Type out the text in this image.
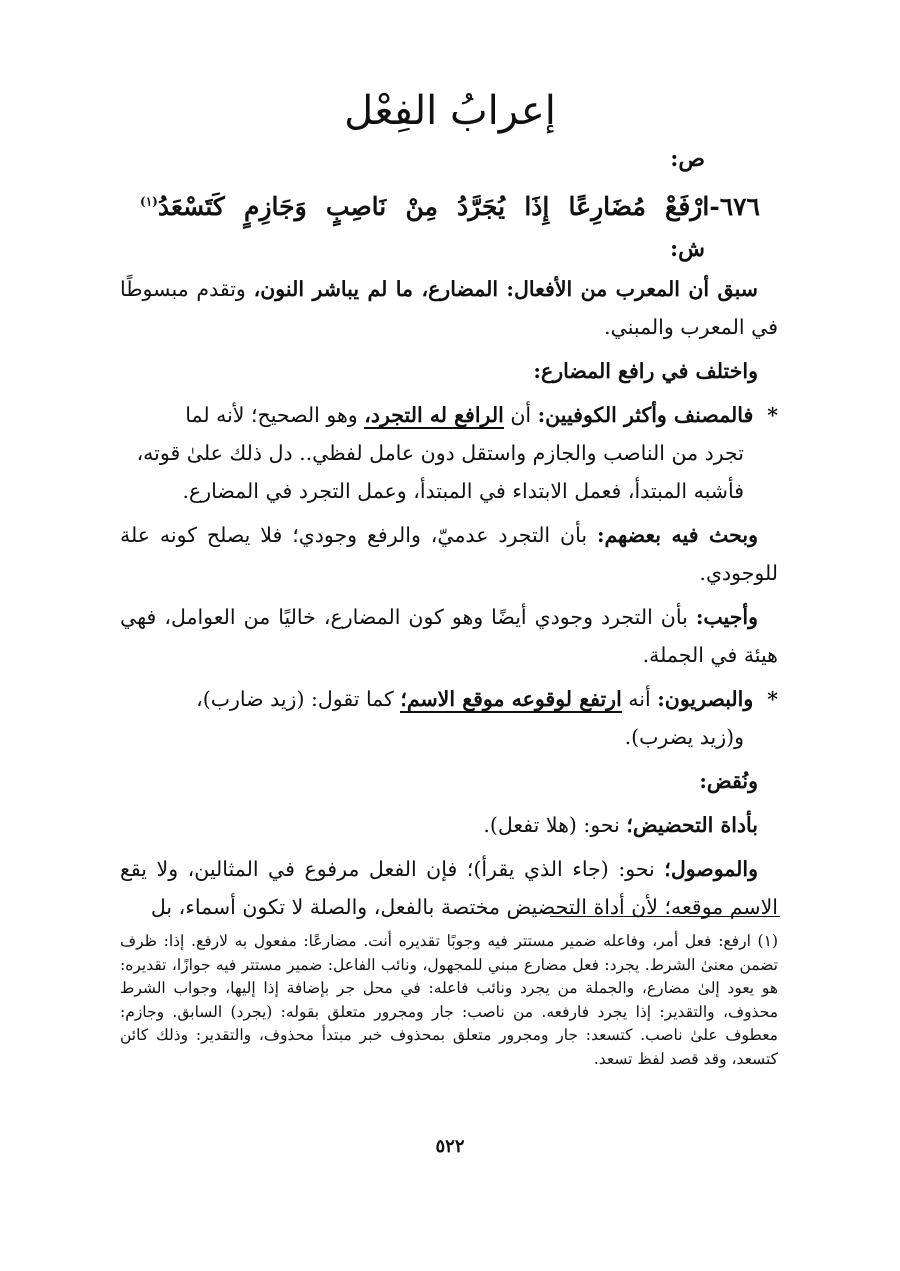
إعرابُ الفِعْل
ص:
٦٧٦-ارْفَعْ
مُضَارِعًا
إِذَا
يُجَرَّدُ
مِنْ
نَاصِبٍ
وَجَازِمٍ
كَتَسْعَدُ$^{(١)}$
ش:

سبق أن المعرب من الأفعال: المضارع، ما لم يباشر النون، وتقدم مبسوطًا في المعرب والمبني.

واختلف في رافع المضارع:

*فالمصنف وأكثر الكوفيين: أن الرافع له التجرد، وهو الصحيح؛ لأنه لما
تجرد من الناصب والجازم واستقل دون عامل لفظي.. دل ذلك علىٰ قوته،
فأشبه المبتدأ، فعمل الابتداء في المبتدأ، وعمل التجرد في المضارع.

وبحث فيه بعضهم: بأن التجرد عدميّ، والرفع وجودي؛ فلا يصلح كونه علة للوجودي.

وأجيب: بأن التجرد وجودي أيضًا وهو كون المضارع، خاليًا من العوامل، فهي هيئة في الجملة.

*والبصريون: أنه ارتفع لوقوعه موقع الاسم؛ كما تقول: (زيد ضارب)،
و(زيد يضرب).

ونُقض:

بأداة التحضيض؛ نحو: (هلا تفعل).

والموصول؛ نحو: (جاء الذي يقرأ)؛ فإن الفعل مرفوع في المثالين، ولا يقع الاسم موقعه؛ لأن أداة التحضيض مختصة بالفعل، والصلة لا تكون أسماء، بل

(١) ارفع: فعل أمر، وفاعله ضمير مستتر فيه وجوبًا تقديره أنت. مضارعًا: مفعول به لارفع. إذا: ظرف تضمن معنىٰ الشرط. يجرد: فعل مضارع مبني للمجهول، ونائب الفاعل: ضمير مستتر فيه جوازًا، تقديره: هو يعود إلىٰ مضارع، والجملة من يجرد ونائب فاعله: في محل جر بإضافة إذا إليها، وجواب الشرط محذوف، والتقدير: إذا يجرد فارفعه. من ناصب: جار ومجرور متعلق بقوله: (يجرد) السابق. وجازم: معطوف علىٰ ناصب. كتسعد: جار ومجرور متعلق بمحذوف خبر مبتدأ محذوف، والتقدير: وذلك كائن كتسعد، وقد قصد لفظ تسعد.
٥٢٢
